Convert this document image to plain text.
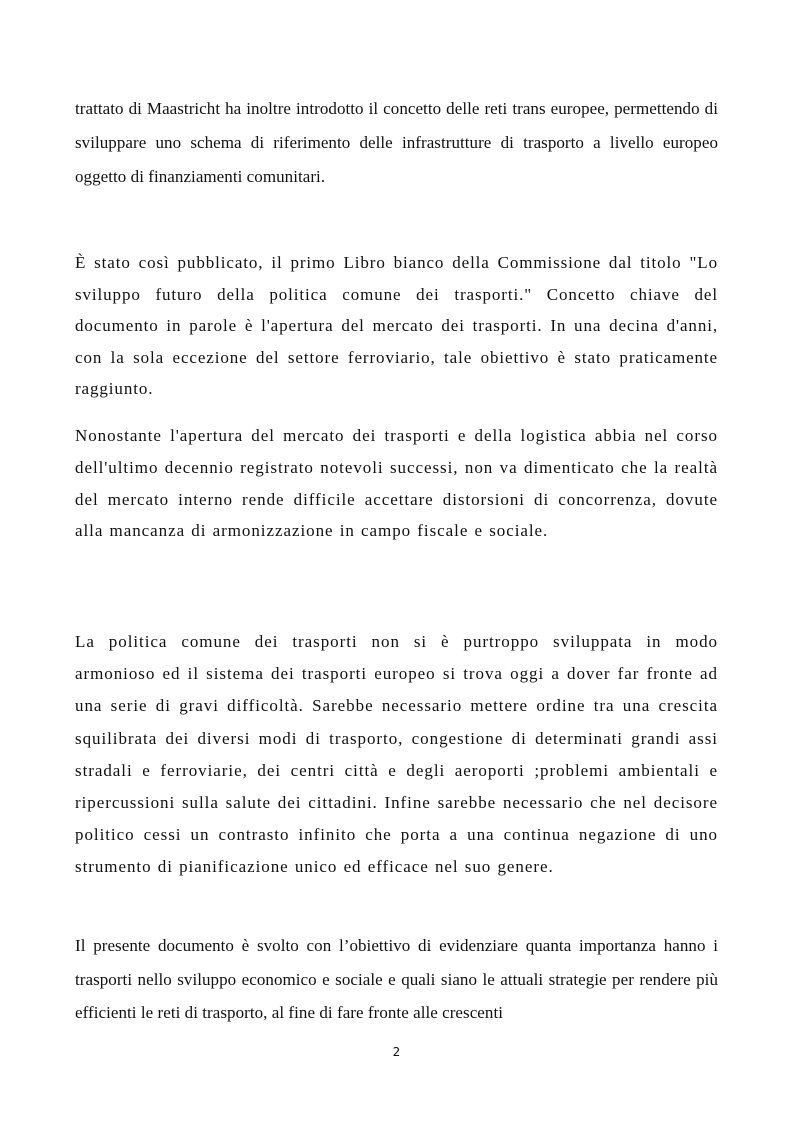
trattato di Maastricht ha inoltre introdotto il concetto delle reti trans europee, permettendo di sviluppare uno schema di riferimento delle infrastrutture di trasporto a livello europeo oggetto di finanziamenti comunitari.

È stato così pubblicato, il primo Libro bianco della Commissione dal titolo "Lo sviluppo futuro della politica comune dei trasporti." Concetto chiave del documento in parole è l'apertura del mercato dei trasporti. In una decina d'anni, con la sola eccezione del settore ferroviario, tale obiettivo è stato praticamente raggiunto.

Nonostante l'apertura del mercato dei trasporti e della logistica abbia nel corso dell'ultimo decennio registrato notevoli successi, non va dimenticato che la realtà del mercato interno rende difficile accettare distorsioni di concorrenza, dovute alla mancanza di armonizzazione in campo fiscale e sociale.

La politica comune dei trasporti non si è purtroppo sviluppata in modo armonioso ed il sistema dei trasporti europeo si trova oggi a dover far fronte ad una serie di gravi difficoltà. Sarebbe necessario mettere ordine tra una crescita squilibrata dei diversi modi di trasporto, congestione di determinati grandi assi stradali e ferroviarie, dei centri città e degli aeroporti ;problemi ambientali e ripercussioni sulla salute dei cittadini. Infine sarebbe necessario che nel decisore politico cessi un contrasto infinito che porta a una continua negazione di uno strumento di pianificazione unico ed efficace nel suo genere.

Il presente documento è svolto con l’obiettivo di evidenziare quanta importanza hanno i trasporti nello sviluppo economico e sociale e quali siano le attuali strategie per rendere più efficienti le reti di trasporto, al fine di fare fronte alle crescenti

2
